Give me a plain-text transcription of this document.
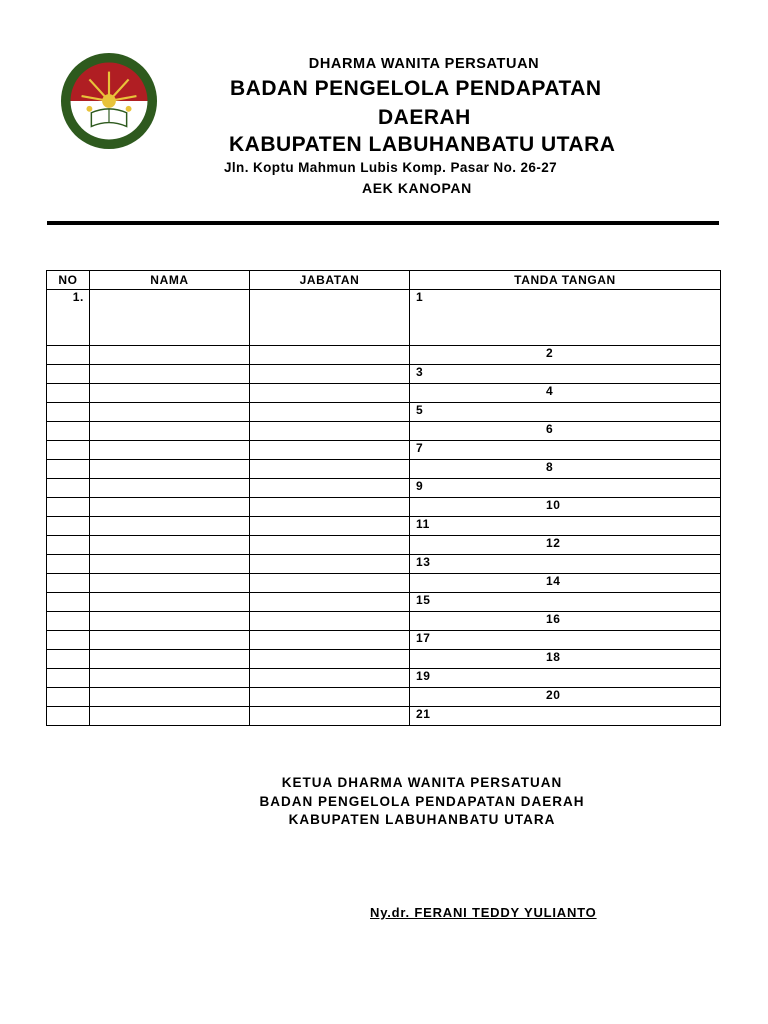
DHARMA WANITA PERSATUAN
BADAN PENGELOLA PENDAPATAN
DAERAH
KABUPATEN LABUHANBATU UTARA
Jln. Koptu Mahmun Lubis Komp. Pasar No. 26-27
AEK KANOPAN
NO	NAMA	JABATAN	TANDA TANGAN
1.			1
			2
			3
			4
			5
			6
			7
			8
			9
			10
			11
			12
			13
			14
			15
			16
			17
			18
			19
			20
			21
KETUA DHARMA WANITA PERSATUAN
BADAN PENGELOLA PENDAPATAN DAERAH
KABUPATEN LABUHANBATU UTARA
Ny.dr. FERANI TEDDY YULIANTO
